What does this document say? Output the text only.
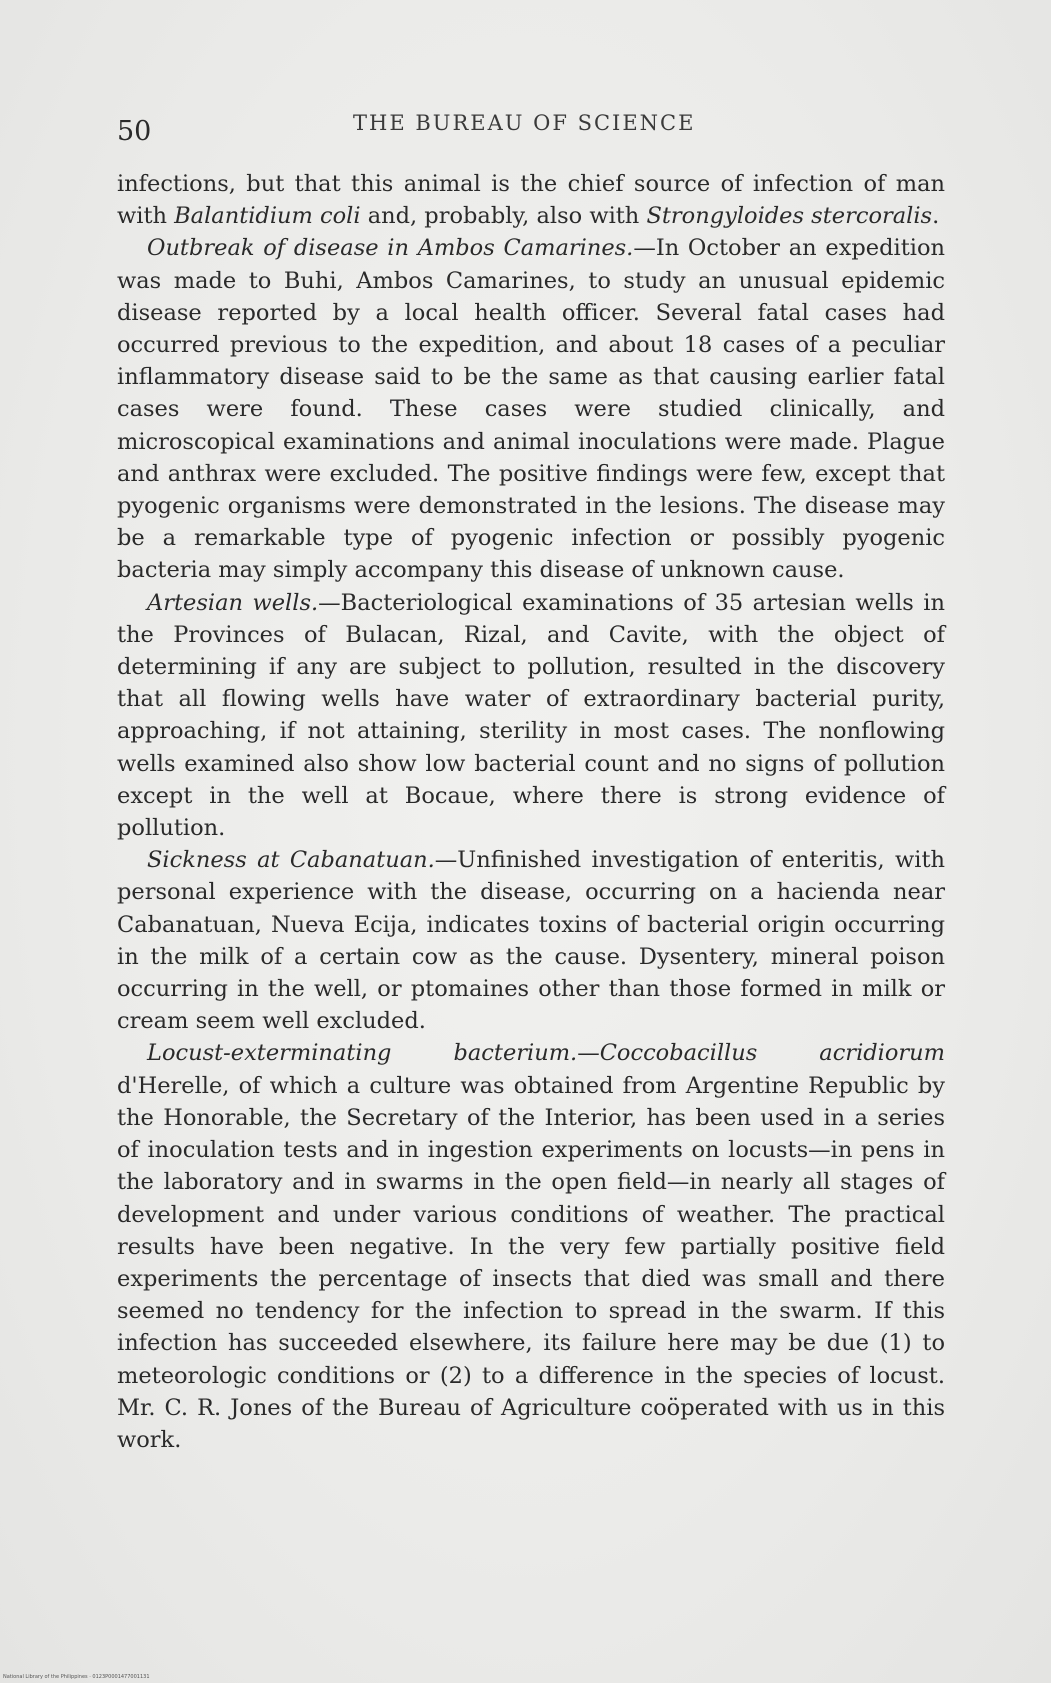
50	THE BUREAU OF SCIENCE

infections, but that this animal is the chief source of infection of man with Balantidium coli and, probably, also with Strongyloides stercoralis.

Outbreak of disease in Ambos Camarines.—In October an expedition was made to Buhi, Ambos Camarines, to study an unusual epidemic disease reported by a local health officer. Several fatal cases had occurred previous to the expedition, and about 18 cases of a peculiar inflammatory disease said to be the same as that causing earlier fatal cases were found. These cases were studied clinically, and microscopical examinations and animal inoculations were made. Plague and anthrax were excluded. The positive findings were few, except that pyogenic organisms were demonstrated in the lesions. The disease may be a remarkable type of pyogenic infection or possibly pyogenic bacteria may simply accompany this disease of unknown cause.

Artesian wells.—Bacteriological examinations of 35 artesian wells in the Provinces of Bulacan, Rizal, and Cavite, with the object of determining if any are subject to pollution, resulted in the discovery that all flowing wells have water of extraordinary bacterial purity, approaching, if not attaining, sterility in most cases. The nonflowing wells examined also show low bacterial count and no signs of pollution except in the well at Bocaue, where there is strong evidence of pollution.

Sickness at Cabanatuan.—Unfinished investigation of enteritis, with personal experience with the disease, occurring on a hacienda near Cabanatuan, Nueva Ecija, indicates toxins of bacterial origin occurring in the milk of a certain cow as the cause. Dysentery, mineral poison occurring in the well, or ptomaines other than those formed in milk or cream seem well excluded.

Locust-exterminating bacterium.—Coccobacillus acridiorum d'Herelle, of which a culture was obtained from Argentine Republic by the Honorable, the Secretary of the Interior, has been used in a series of inoculation tests and in ingestion experiments on locusts—in pens in the laboratory and in swarms in the open field—in nearly all stages of development and under various conditions of weather. The practical results have been negative. In the very few partially positive field experiments the percentage of insects that died was small and there seemed no tendency for the infection to spread in the swarm. If this infection has succeeded elsewhere, its failure here may be due (1) to meteorologic conditions or (2) to a difference in the species of locust. Mr. C. R. Jones of the Bureau of Agriculture coöperated with us in this work.

National Library of the Philippines · 0123P0001477001131
